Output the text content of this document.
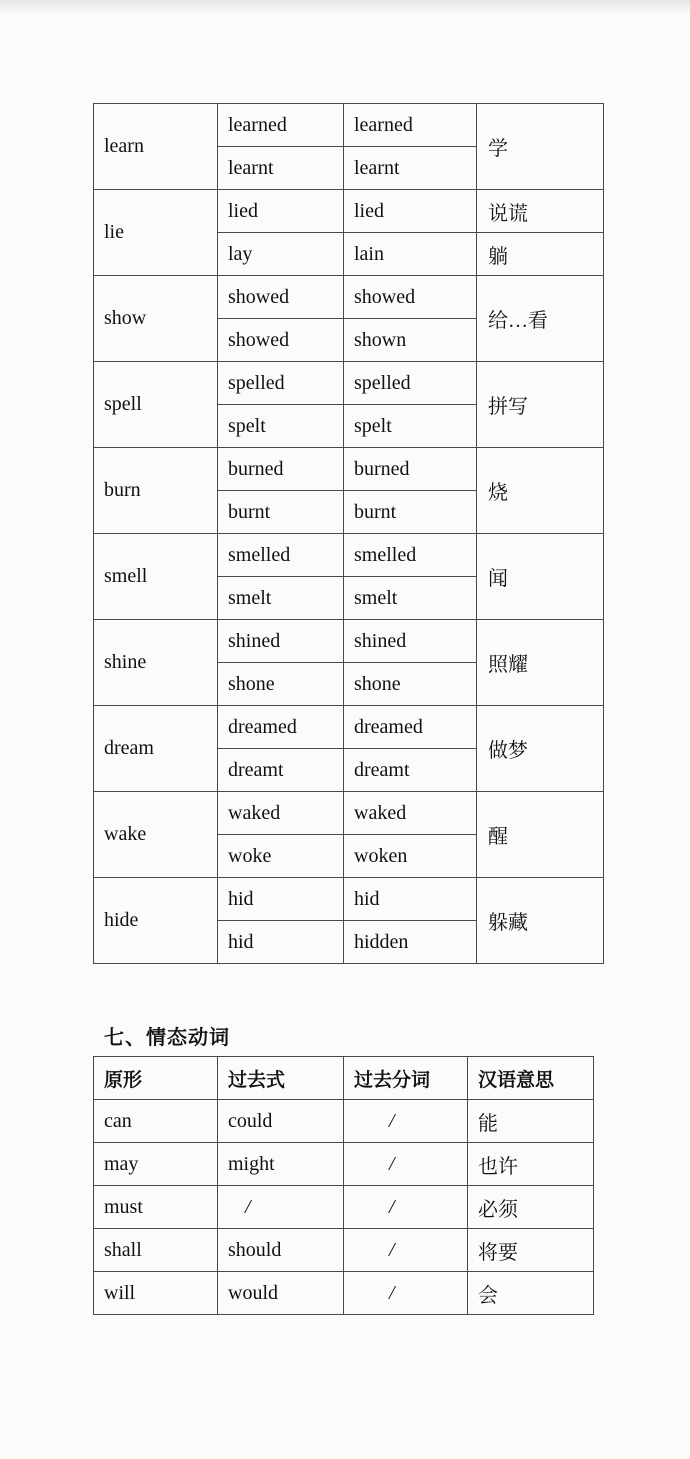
learn	learned	learned	学
	learnt	learnt	
lie	lied	lied	说谎
	lay	lain	躺
show	showed	showed	给…看
	showed	shown	
spell	spelled	spelled	拼写
	spelt	spelt	
burn	burned	burned	烧
	burnt	burnt	
smell	smelled	smelled	闻
	smelt	smelt	
shine	shined	shined	照耀
	shone	shone	
dream	dreamed	dreamed	做梦
	dreamt	dreamt	
wake	waked	waked	醒
	woke	woken	
hide	hid	hid	躲藏
	hid	hidden	
七、情态动词
原形	过去式	过去分词	汉语意思
can	could	/	能
may	might	/	也许
must	/	/	必须
shall	should	/	将要
will	would	/	会
